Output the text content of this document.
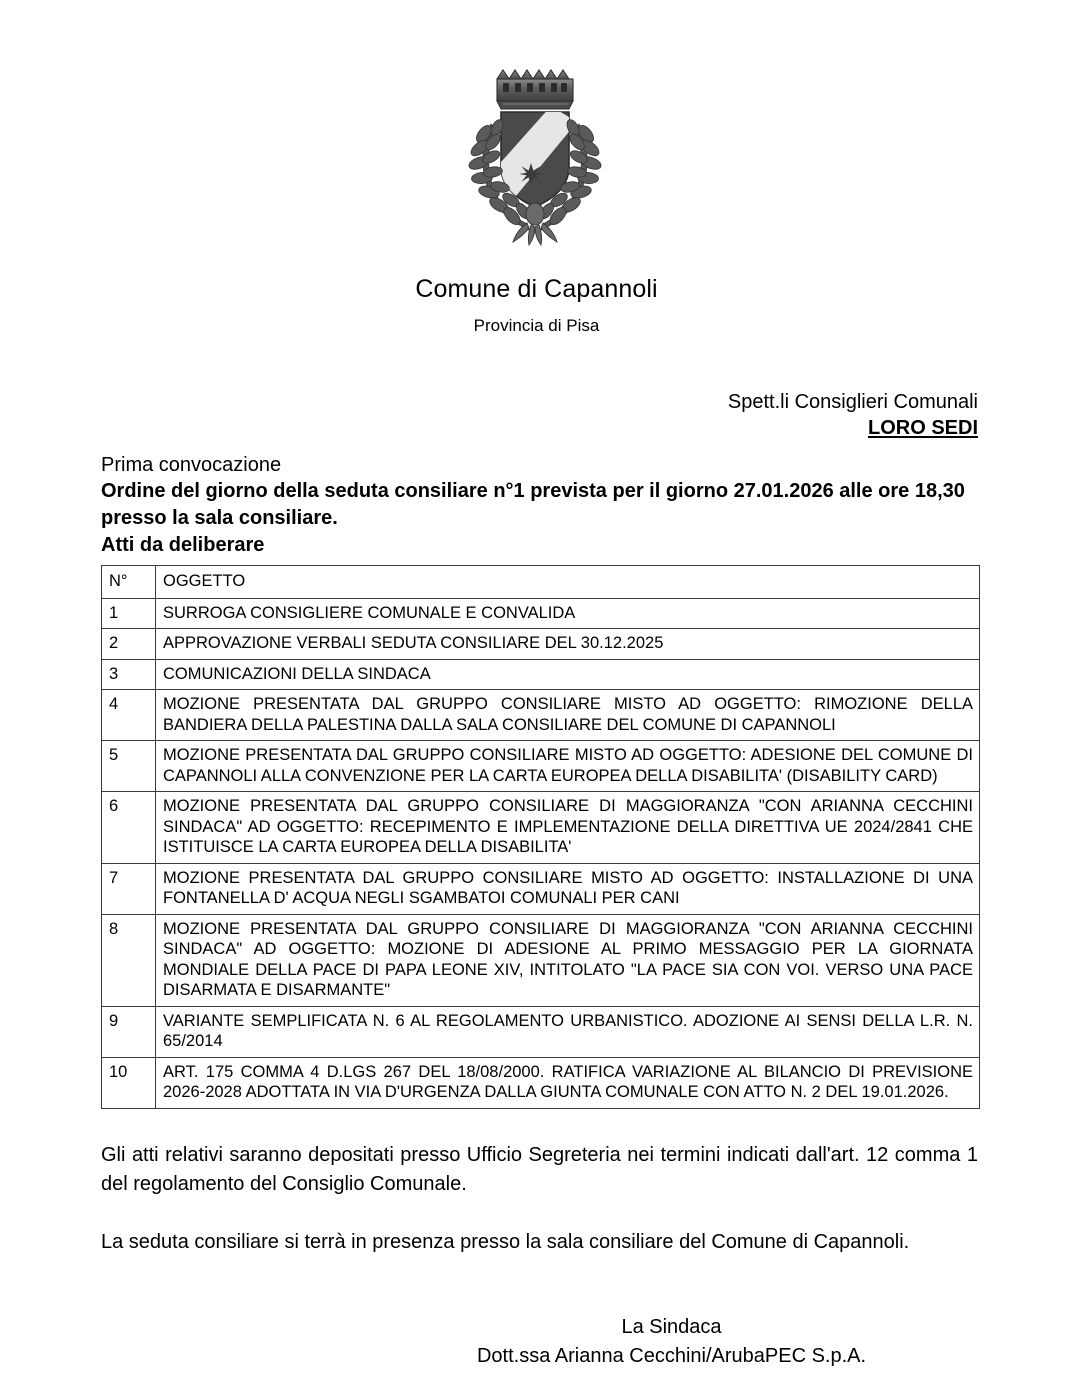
Comune di Capannoli
Provincia di Pisa
Spett.li Consiglieri Comunali
LORO SEDI
Prima convocazione
Ordine del giorno della seduta consiliare n°1 prevista per il giorno 27.01.2026 alle ore 18,30 presso la sala consiliare.
Atti da deliberare
N°	OGGETTO
1	SURROGA CONSIGLIERE COMUNALE E CONVALIDA
2	APPROVAZIONE VERBALI SEDUTA CONSILIARE DEL 30.12.2025
3	COMUNICAZIONI DELLA SINDACA
4	MOZIONE PRESENTATA DAL GRUPPO CONSILIARE MISTO AD OGGETTO: RIMOZIONE DELLA BANDIERA DELLA PALESTINA DALLA SALA CONSILIARE DEL COMUNE DI CAPANNOLI
5	MOZIONE PRESENTATA DAL GRUPPO CONSILIARE MISTO AD OGGETTO: ADESIONE DEL COMUNE DI CAPANNOLI ALLA CONVENZIONE PER LA CARTA EUROPEA DELLA DISABILITA' (DISABILITY CARD)
6	MOZIONE PRESENTATA DAL GRUPPO CONSILIARE DI MAGGIORANZA "CON ARIANNA CECCHINI SINDACA" AD OGGETTO: RECEPIMENTO E IMPLEMENTAZIONE DELLA DIRETTIVA UE 2024/2841 CHE ISTITUISCE LA CARTA EUROPEA DELLA DISABILITA'
7	MOZIONE PRESENTATA DAL GRUPPO CONSILIARE MISTO AD OGGETTO: INSTALLAZIONE DI UNA FONTANELLA D' ACQUA NEGLI SGAMBATOI COMUNALI PER CANI
8	MOZIONE PRESENTATA DAL GRUPPO CONSILIARE DI MAGGIORANZA "CON ARIANNA CECCHINI SINDACA" AD OGGETTO: MOZIONE DI ADESIONE AL PRIMO MESSAGGIO PER LA GIORNATA MONDIALE DELLA PACE DI PAPA LEONE XIV, INTITOLATO "LA PACE SIA CON VOI. VERSO UNA PACE DISARMATA E DISARMANTE"
9	VARIANTE SEMPLIFICATA N. 6 AL REGOLAMENTO URBANISTICO. ADOZIONE AI SENSI DELLA L.R. N. 65/2014
10	ART. 175 COMMA 4 D.LGS 267 DEL 18/08/2000. RATIFICA VARIAZIONE AL BILANCIO DI PREVISIONE 2026-2028 ADOTTATA IN VIA D'URGENZA DALLA GIUNTA COMUNALE CON ATTO N. 2 DEL 19.01.2026.

Gli atti relativi saranno depositati presso Ufficio Segreteria nei termini indicati dall'art. 12 comma 1 del regolamento del Consiglio Comunale.

La seduta consiliare si terrà in presenza presso la sala consiliare del Comune di Capannoli.

La Sindaca
Dott.ssa Arianna Cecchini/ArubaPEC S.p.A.
